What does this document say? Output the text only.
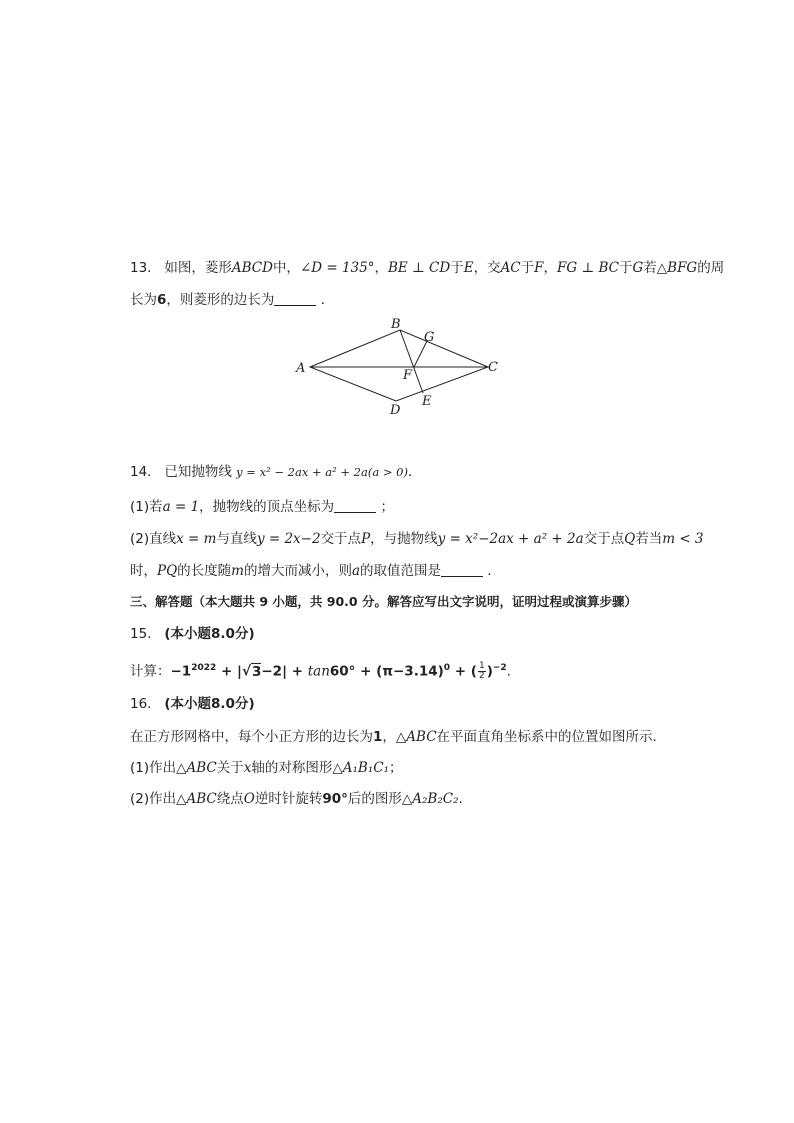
13. 如图，菱形ABCD中，∠D = 135°，BE ⊥ CD于E，交AC于F，FG ⊥ BC于G若△BFG的周
长为6，则菱形的边长为	．
B
G
A	C
F
D
E
14. 已知抛物线 y = x² − 2ax + a² + 2a(a > 0)．
(1)若a = 1，抛物线的顶点坐标为	；
(2)直线x = m与直线y = 2x−2交于点P，与抛物线y = x²−2ax + a² + 2a交于点Q若当m < 3
时，PQ的长度随m的增大而减小，则a的取值范围是	．
三、解答题（本大题共 9 小题，共 90.0 分。解答应写出文字说明，证明过程或演算步骤）
15. (本小题8.0分)
计算：$-1^{2022} + |√3-2| + \tan 60^\circ + (\pi-3.14)^0$ + ( $\frac{1}{2} )^{-2}$.
16. (本小题8.0分)
在正方形网格中，每个小正方形的边长为1，△ABC在平面直角坐标系中的位置如图所示．
(1)作出△ABC关于x轴的对称图形△A₁B₁C₁；
(2)作出△ABC绕点O逆时针旋转90°后的图形△A₂B₂C₂.
